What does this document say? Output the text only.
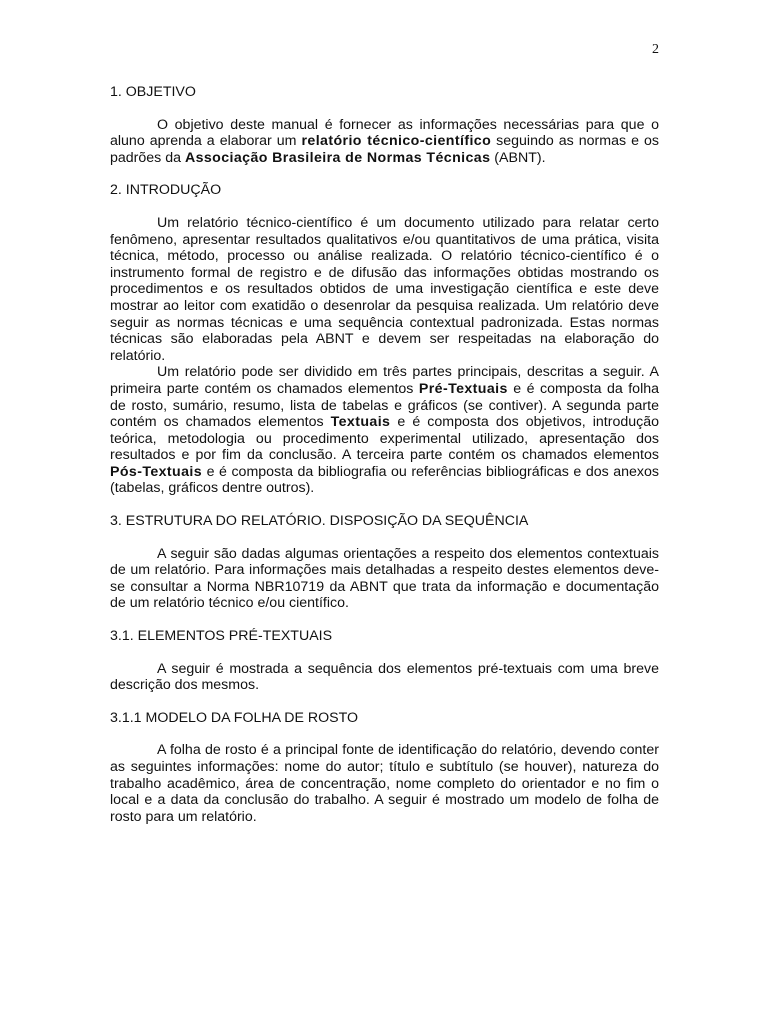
2
1. OBJETIVO

O objetivo deste manual é fornecer as informações necessárias para que o aluno aprenda a elaborar um relatório técnico-científico seguindo as normas e os padrões da Associação Brasileira de Normas Técnicas (ABNT).

2. INTRODUÇÃO

Um relatório técnico-científico é um documento utilizado para relatar certo fenômeno, apresentar resultados qualitativos e/ou quantitativos de uma prática, visita técnica, método, processo ou análise realizada. O relatório técnico-científico é o instrumento formal de registro e de difusão das informações obtidas mostrando os procedimentos e os resultados obtidos de uma investigação científica e este deve mostrar ao leitor com exatidão o desenrolar da pesquisa realizada. Um relatório deve seguir as normas técnicas e uma sequência contextual padronizada. Estas normas técnicas são elaboradas pela ABNT e devem ser respeitadas na elaboração do relatório.

Um relatório pode ser dividido em três partes principais, descritas a seguir. A primeira parte contém os chamados elementos Pré-Textuais e é composta da folha de rosto, sumário, resumo, lista de tabelas e gráficos (se contiver). A segunda parte contém os chamados elementos Textuais e é composta dos objetivos, introdução teórica, metodologia ou procedimento experimental utilizado, apresentação dos resultados e por fim da conclusão. A terceira parte contém os chamados elementos Pós-Textuais e é composta da bibliografia ou referências bibliográficas e dos anexos (tabelas, gráficos dentre outros).

3. ESTRUTURA DO RELATÓRIO. DISPOSIÇÃO DA SEQUÊNCIA

A seguir são dadas algumas orientações a respeito dos elementos contextuais de um relatório. Para informações mais detalhadas a respeito destes elementos deve-se consultar a Norma NBR10719 da ABNT que trata da informação e documentação de um relatório técnico e/ou científico.

3.1. ELEMENTOS PRÉ-TEXTUAIS

A seguir é mostrada a sequência dos elementos pré-textuais com uma breve descrição dos mesmos.

3.1.1 MODELO DA FOLHA DE ROSTO

A folha de rosto é a principal fonte de identificação do relatório, devendo conter as seguintes informações: nome do autor; título e subtítulo (se houver), natureza do trabalho acadêmico, área de concentração, nome completo do orientador e no fim o local e a data da conclusão do trabalho. A seguir é mostrado um modelo de folha de rosto para um relatório.
